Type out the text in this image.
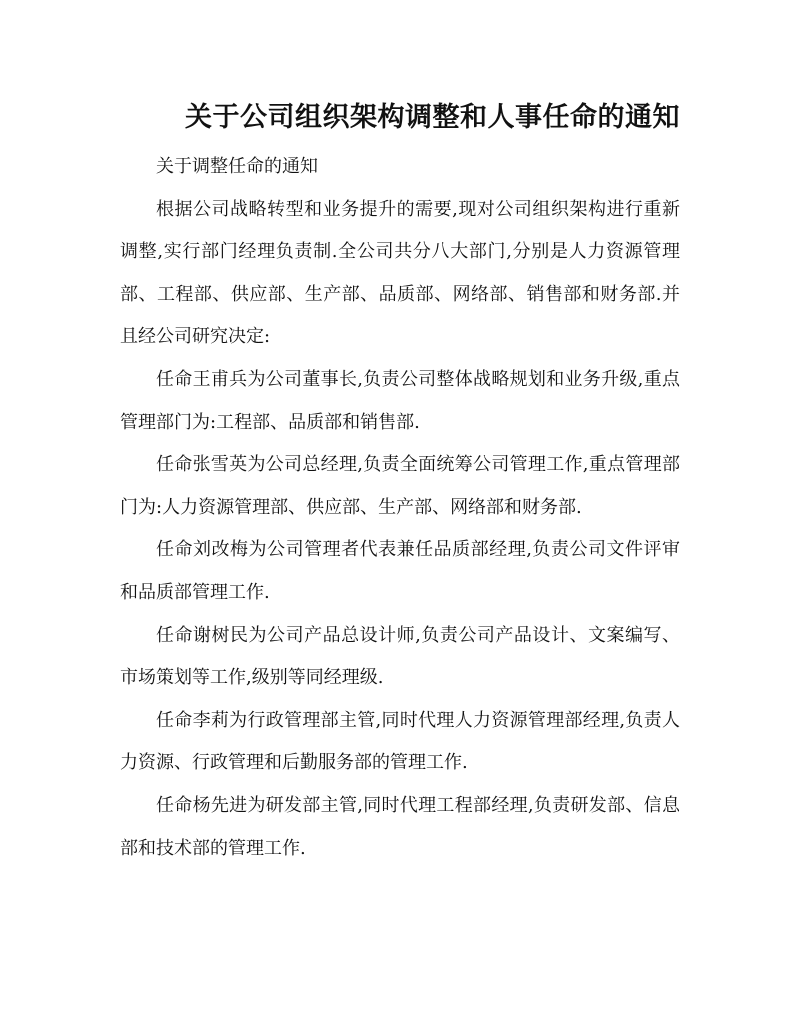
关于公司组织架构调整和人事任命的通知

关于调整任命的通知

根据公司战略转型和业务提升的需要,现对公司组织架构进行重新调整,实行部门经理负责制.全公司共分八大部门,分别是人力资源管理部、工程部、供应部、生产部、品质部、网络部、销售部和财务部.并且经公司研究决定:

任命王甫兵为公司董事长,负责公司整体战略规划和业务升级,重点管理部门为:工程部、品质部和销售部.

任命张雪英为公司总经理,负责全面统筹公司管理工作,重点管理部门为:人力资源管理部、供应部、生产部、网络部和财务部.

任命刘改梅为公司管理者代表兼任品质部经理,负责公司文件评审和品质部管理工作.

任命谢树民为公司产品总设计师,负责公司产品设计、文案编写、市场策划等工作,级别等同经理级.

任命李莉为行政管理部主管,同时代理人力资源管理部经理,负责人力资源、行政管理和后勤服务部的管理工作.

任命杨先进为研发部主管,同时代理工程部经理,负责研发部、信息部和技术部的管理工作.
